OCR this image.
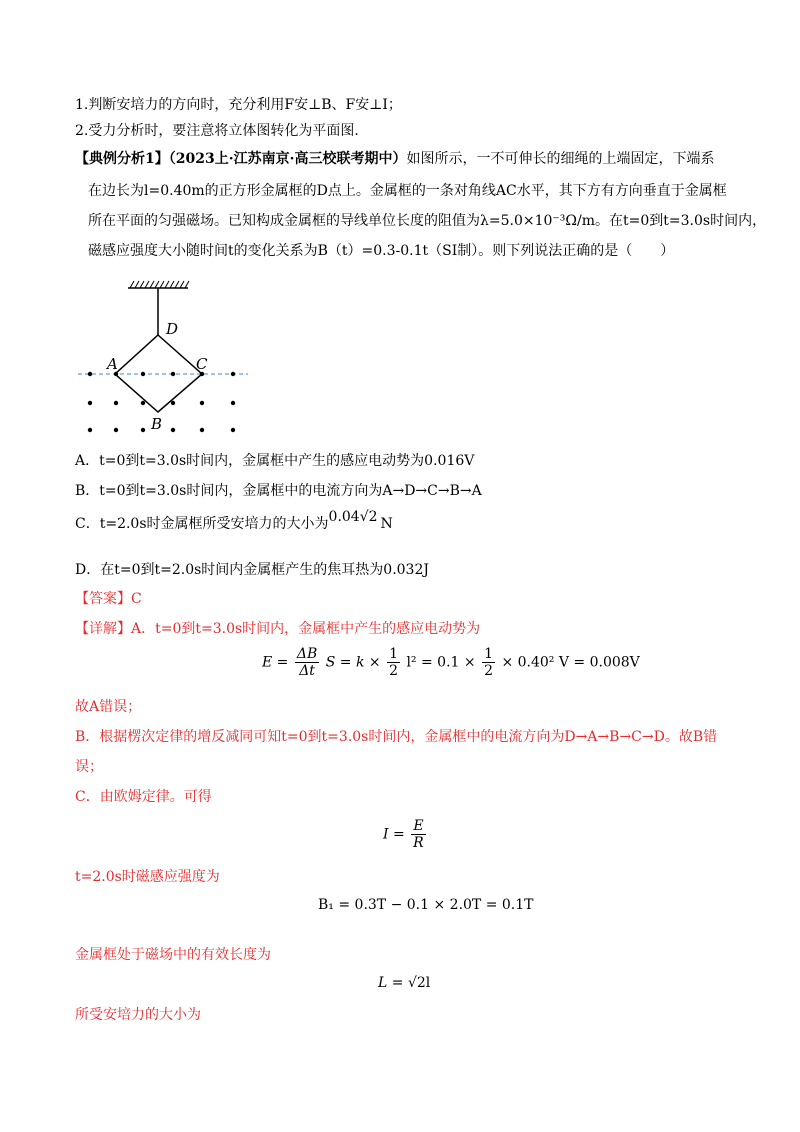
1.判断安培力的方向时，充分利用F安⊥B、F安⊥I；
2.受力分析时，要注意将立体图转化为平面图.
【典例分析1】（2023上·江苏南京·高三校联考期中）如图所示，一不可伸长的细绳的上端固定，下端系
在边长为l=0.40m的正方形金属框的D点上。金属框的一条对角线AC水平，其下方有方向垂直于金属框
所在平面的匀强磁场。已知构成金属框的导线单位长度的阻值为λ=5.0×10⁻³Ω/m。在t=0到t=3.0s时间内，
磁感应强度大小随时间t的变化关系为B（t）=0.3-0.1t（SI制）。则下列说法正确的是（　　）
D
A	C
B
A．t=0到t=3.0s时间内，金属框中产生的感应电动势为0.016V
B．t=0到t=3.0s时间内，金属框中的电流方向为A→D→C→B→A
C．t=2.0s时金属框所受安培力的大小为0.04√2 N
D．在t=0到t=2.0s时间内金属框产生的焦耳热为0.032J
【答案】C
【详解】A．t=0到t=3.0s时间内，金属框中产生的感应电动势为
$E = \frac{\Delta B}{\Delta t}$ $S = k \times \frac{1}{2} l^2 = 0.1 \times \frac{1}{2} \times 0.40^2$ V = 0.008V
故A错误；
B．根据楞次定律的增反减同可知t=0到t=3.0s时间内，金属框中的电流方向为D→A→B→C→D。故B错
误；
C．由欧姆定律。可得
$I = \frac{E}{R}$
t=2.0s时磁感应强度为
B₁ = 0.3T − 0.1 × 2.0T = 0.1T
金属框处于磁场中的有效长度为
L = √2l
所受安培力的大小为
